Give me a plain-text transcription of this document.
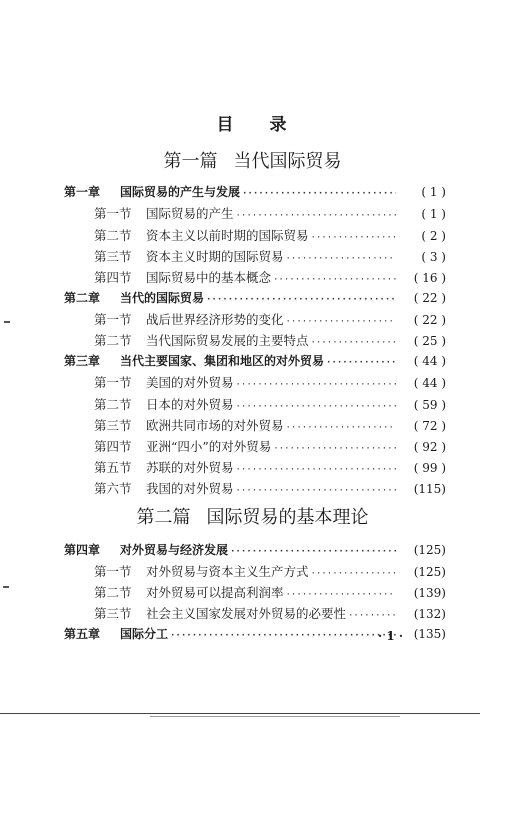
目 录
第一篇 当代国际贸易
第一章	国际贸易的产生与发展 ·····	( 1 )
第一节	国际贸易的产生 ·····	( 1 )
第二节	资本主义以前时期的国际贸易 ·····	( 2 )
第三节	资本主义时期的国际贸易 ·····	( 3 )
第四节	国际贸易中的基本概念 ·····	( 16 )
第二章	当代的国际贸易 ·····	( 22 )
第一节	战后世界经济形势的变化 ·····	( 22 )
第二节	当代国际贸易发展的主要特点 ·····	( 25 )
第三章	当代主要国家、集团和地区的对外贸易 ·····	( 44 )
第一节	美国的对外贸易 ·····	( 44 )
第二节	日本的对外贸易 ·····	( 59 )
第三节	欧洲共同市场的对外贸易 ·····	( 72 )
第四节	亚洲“四小”的对外贸易 ·····	( 92 )
第五节	苏联的对外贸易 ·····	( 99 )
第六节	我国的对外贸易 ·····	(115)
第二篇 国际贸易的基本理论
第四章	对外贸易与经济发展 ·····	(125)
第一节	对外贸易与资本主义生产方式 ·····	(125)
第二节	对外贸易可以提高利润率 ·····	(139)
第三节	社会主义国家发展对外贸易的必要性 ·····	(132)
第五章	国际分工 ·····	(135)
· 1 ·
